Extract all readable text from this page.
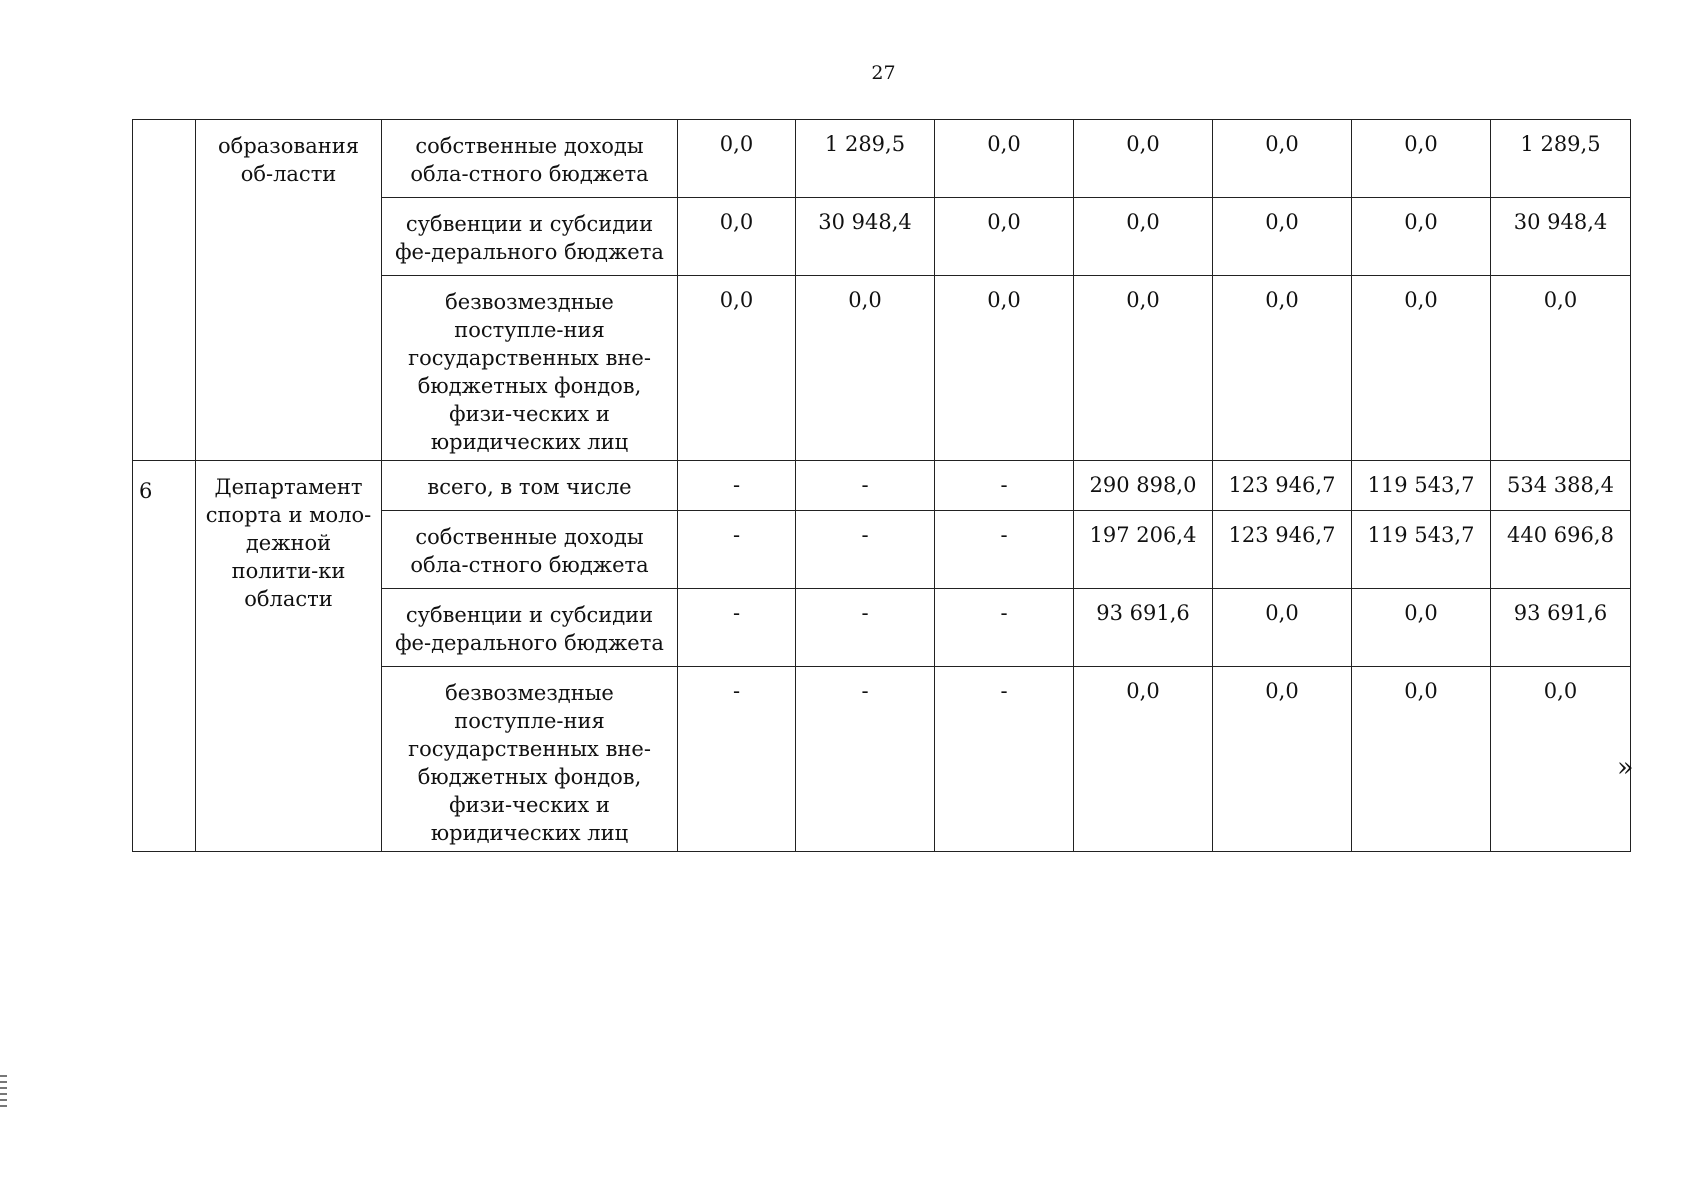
27
	образования об-ласти	собственные доходы обла-стного бюджета	0,0	1 289,5	0,0	0,0	0,0	0,0	1 289,5
		субвенции и субсидии фе-дерального бюджета	0,0	30 948,4	0,0	0,0	0,0	0,0	30 948,4
		безвозмездные поступле-ния государственных вне-бюджетных фондов, физи-ческих и юридических лиц	0,0	0,0	0,0	0,0	0,0	0,0	0,0
6	Департамент спорта и моло-дежной полити-ки области	всего, в том числе	-	-	-	290 898,0	123 946,7	119 543,7	534 388,4
		собственные доходы обла-стного бюджета	-	-	-	197 206,4	123 946,7	119 543,7	440 696,8
		субвенции и субсидии фе-дерального бюджета	-	-	-	93 691,6	0,0	0,0	93 691,6
		безвозмездные поступле-ния государственных вне-бюджетных фондов, физи-ческих и юридических лиц	-	-	-	0,0	0,0	0,0	0,0
»
